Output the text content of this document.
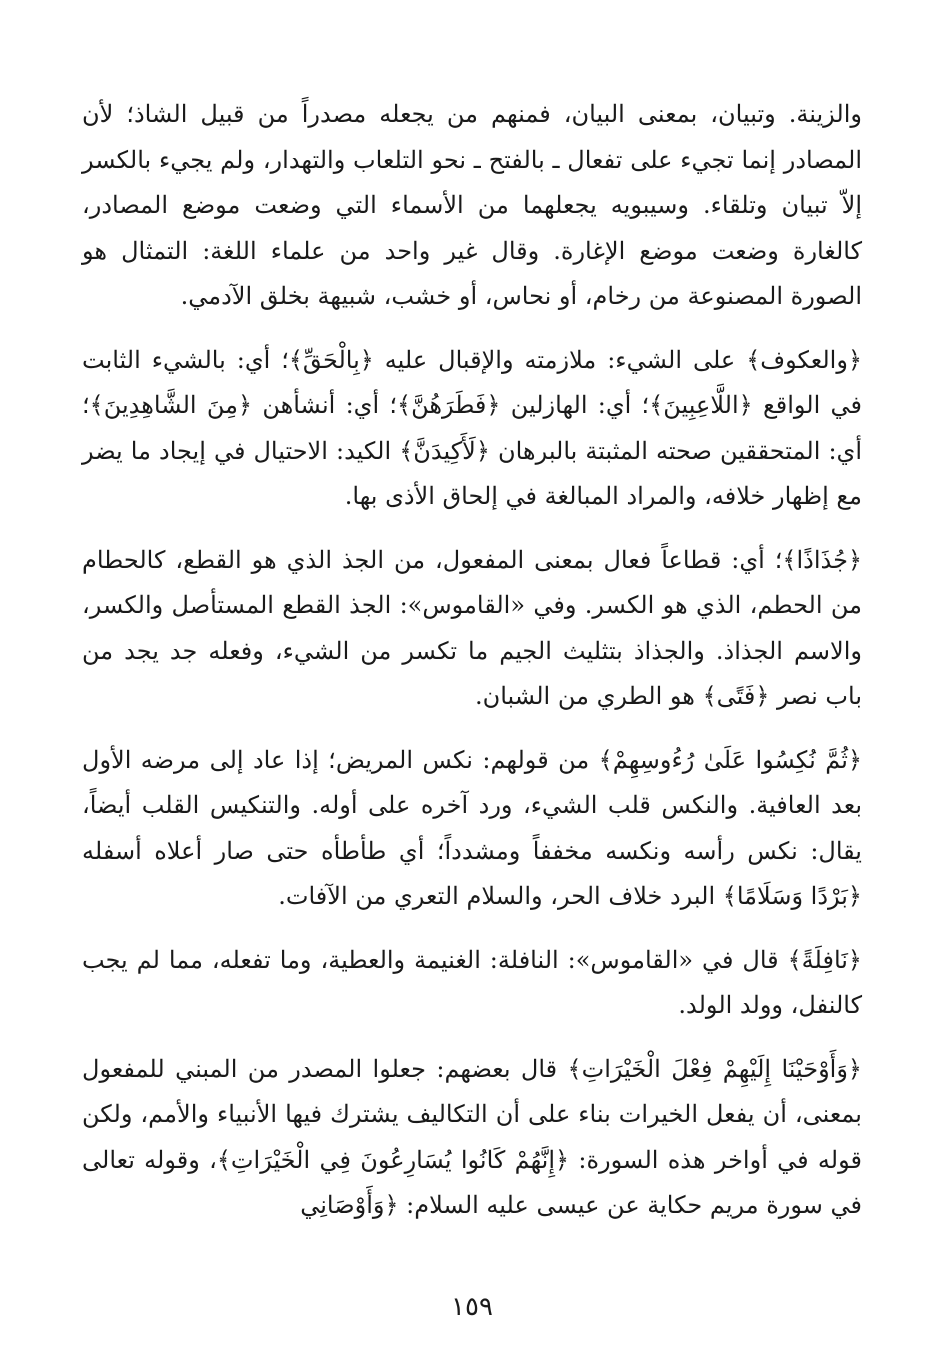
والزينة. وتبيان، بمعنى البيان، فمنهم من يجعله مصدراً من قبيل الشاذ؛ لأن المصادر إنما تجيء على تفعال ـ بالفتح ـ نحو التلعاب والتهدار، ولم يجيء بالكسر إلاّ تبيان وتلقاء. وسيبويه يجعلهما من الأسماء التي وضعت موضع المصادر، كالغارة وضعت موضع الإغارة. وقال غير واحد من علماء اللغة: التمثال هو الصورة المصنوعة من رخام، أو نحاس، أو خشب، شبيهة بخلق الآدمي.

﴿والعكوف﴾ على الشيء: ملازمته والإقبال عليه ﴿بِالْحَقِّ﴾؛ أي: بالشيء الثابت في الواقع ﴿اللَّاعِبِينَ﴾؛ أي: الهازلين ﴿فَطَرَهُنَّ﴾؛ أي: أنشأهن ﴿مِنَ الشَّاهِدِينَ﴾؛ أي: المتحققين صحته المثبتة بالبرهان ﴿لَأَكِيدَنَّ﴾ الكيد: الاحتيال في إيجاد ما يضر مع إظهار خلافه، والمراد المبالغة في إلحاق الأذى بها.

﴿جُذَاذًا﴾؛ أي: قطاعاً فعال بمعنى المفعول، من الجذ الذي هو القطع، كالحطام من الحطم، الذي هو الكسر. وفي «القاموس»: الجذ القطع المستأصل والكسر، والاسم الجذاذ. والجذاذ بتثليث الجيم ما تكسر من الشيء، وفعله جد يجد من باب نصر ﴿فَتًى﴾ هو الطري من الشبان.

﴿ثُمَّ نُكِسُوا عَلَىٰ رُءُوسِهِمْ﴾ من قولهم: نكس المريض؛ إذا عاد إلى مرضه الأول بعد العافية. والنكس قلب الشيء، ورد آخره على أوله. والتنكيس القلب أيضاً، يقال: نكس رأسه ونكسه مخففاً ومشدداً؛ أي طأطأه حتى صار أعلاه أسفله ﴿بَرْدًا وَسَلَامًا﴾ البرد خلاف الحر، والسلام التعري من الآفات.

﴿نَافِلَةً﴾ قال في «القاموس»: النافلة: الغنيمة والعطية، وما تفعله، مما لم يجب كالنفل، وولد الولد.

﴿وَأَوْحَيْنَا إِلَيْهِمْ فِعْلَ الْخَيْرَاتِ﴾ قال بعضهم: جعلوا المصدر من المبني للمفعول بمعنى، أن يفعل الخيرات بناء على أن التكاليف يشترك فيها الأنبياء والأمم، ولكن قوله في أواخر هذه السورة: ﴿إِنَّهُمْ كَانُوا يُسَارِعُونَ فِي الْخَيْرَاتِ﴾، وقوله تعالى في سورة مريم حكاية عن عيسى عليه السلام: ﴿وَأَوْصَانِي

١٥٩
